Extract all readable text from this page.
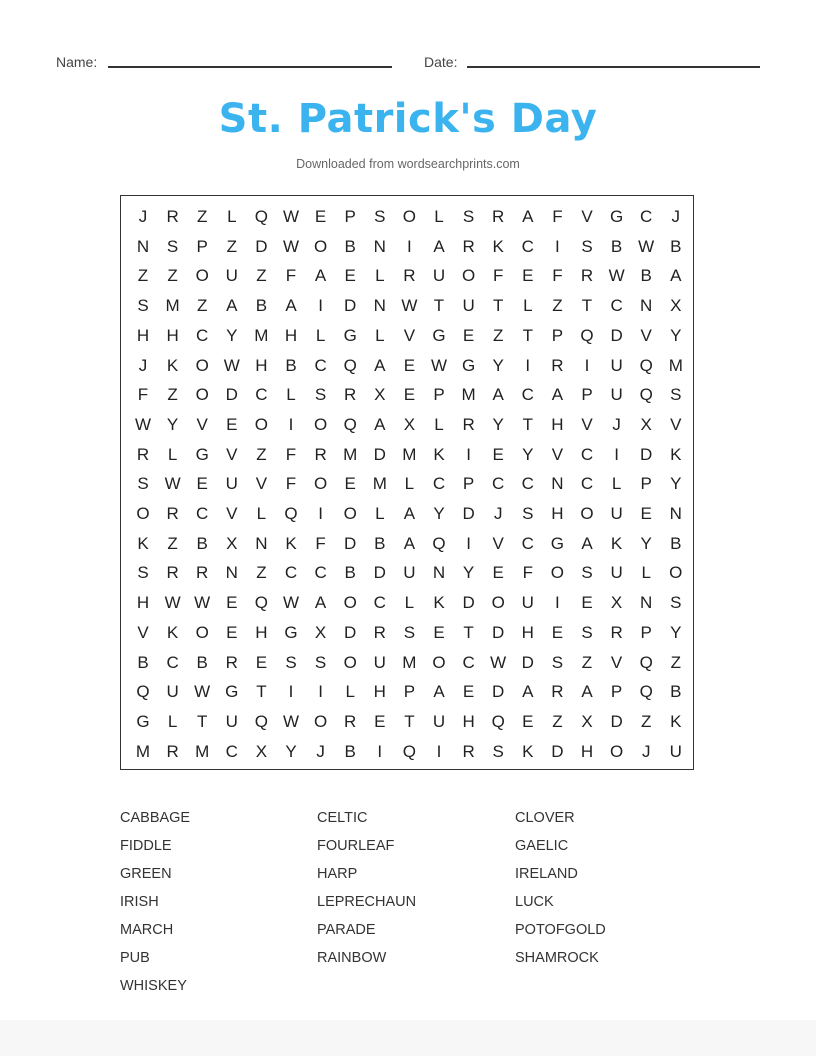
Name:	Date:
St. Patrick's Day
Downloaded from wordsearchprints.com
J	R	Z	L	Q W E	P	S	O	L	S	R	A	F	V	G C	J
N	S	P	Z	D W O	B	N	I	A	R	K	C	I	S	B W B
Z	Z	O U	Z	F	A	E	L	R	U O	F	E	F	R W B	A
S M	Z	A	B	A	I	D	N W T	U	T	L	Z	T	C	N	X
H	H	C	Y M H	L	G	L	V	G	E	Z	T	P	Q D	V	Y
J	K	O W H	B	C Q	A	E W G	Y	I	R	I	U Q M
F	Z	O D	C	L	S	R	X	E	P M A	C	A	P	U Q	S
W Y	V	E	O	I	O Q	A	X	L	R	Y	T	H	V	J	X	V
R	L	G	V	Z	F	R M D M K	I	E	Y	V	C	I	D	K
S W E	U	V	F	O	E M	L	C	P	C	C	N	C	L	P	Y
O R	C	V	L	Q	I	O	L	A	Y	D	J	S	H O U	E	N
K	Z	B	X	N	K	F	D	B	A	Q	I	V	C G	A	K	Y	B
S	R	R	N	Z	C	C	B	D	U	N	Y	E	F	O	S	U	L	O
H W W E	Q W A	O C	L	K	D O U	I	E	X	N	S
V	K	O	E	H G	X	D	R	S	E	T	D	H	E	S	R	P	Y
B	C	B	R	E	S	S	O U M O C W D	S	Z	V	Q	Z
Q U W G	T	I	I	L	H	P	A	E	D	A	R	A	P	Q	B
G	L	T	U Q W O R	E	T	U	H Q	E	Z	X	D	Z	K
M R M C	X	Y	J	B	I	Q	I	R	S	K	D	H O	J	U
CABBAGE	CELTIC	CLOVER
FIDDLE	FOURLEAF	GAELIC
GREEN	HARP	IRELAND
IRISH	LEPRECHAUN	LUCK
MARCH	PARADE	POTOFGOLD
PUB	RAINBOW	SHAMROCK
WHISKEY
